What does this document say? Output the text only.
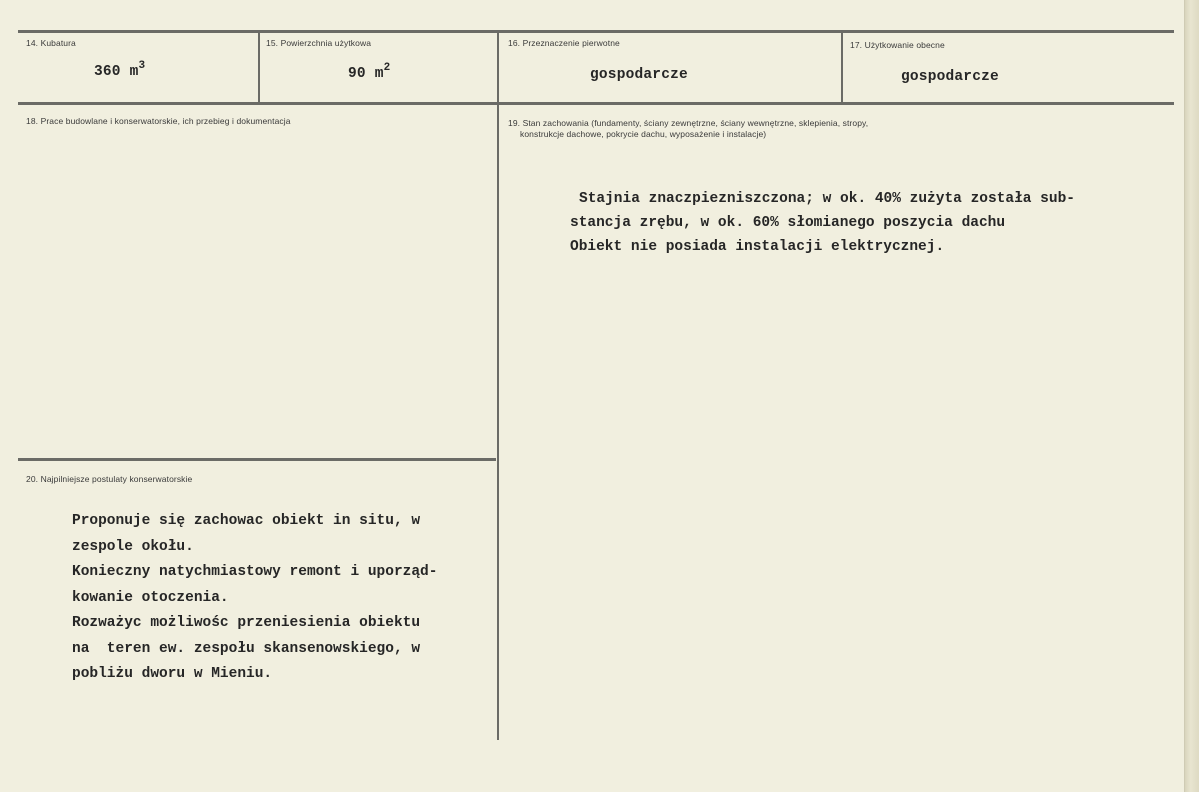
14. Kubatura
360 $m^3$
15. Powierzchnia użytkowa
90 $m^2$
16. Przeznaczenie pierwotne
gospodarcze
17. Użytkowanie obecne
gospodarcze
18. Prace budowlane i konserwatorskie, ich przebieg i dokumentacja	19. Stan zachowania (fundamenty, ściany zewnętrzne, ściany wewnętrzne, sklepienia, stropy,
konstrukcje dachowe, pokrycie dachu, wyposażenie i instalacje)
Stajnia znaczpiezniszczona; w ok. 40% zużyta została sub-
stancja zrębu, w ok. 60% słomianego poszycia dachu
Obiekt nie posiada instalacji elektrycznej.
20. Najpilniejsze postulaty konserwatorskie
Proponuje się zachowac obiekt in situ, w
zespole okołu.
Konieczny natychmiastowy remont i uporząd-
kowanie otoczenia.
Rozważyc możliwośc przeniesienia obiektu
na  teren ew. zespołu skansenowskiego, w
pobliżu dworu w Mieniu.
